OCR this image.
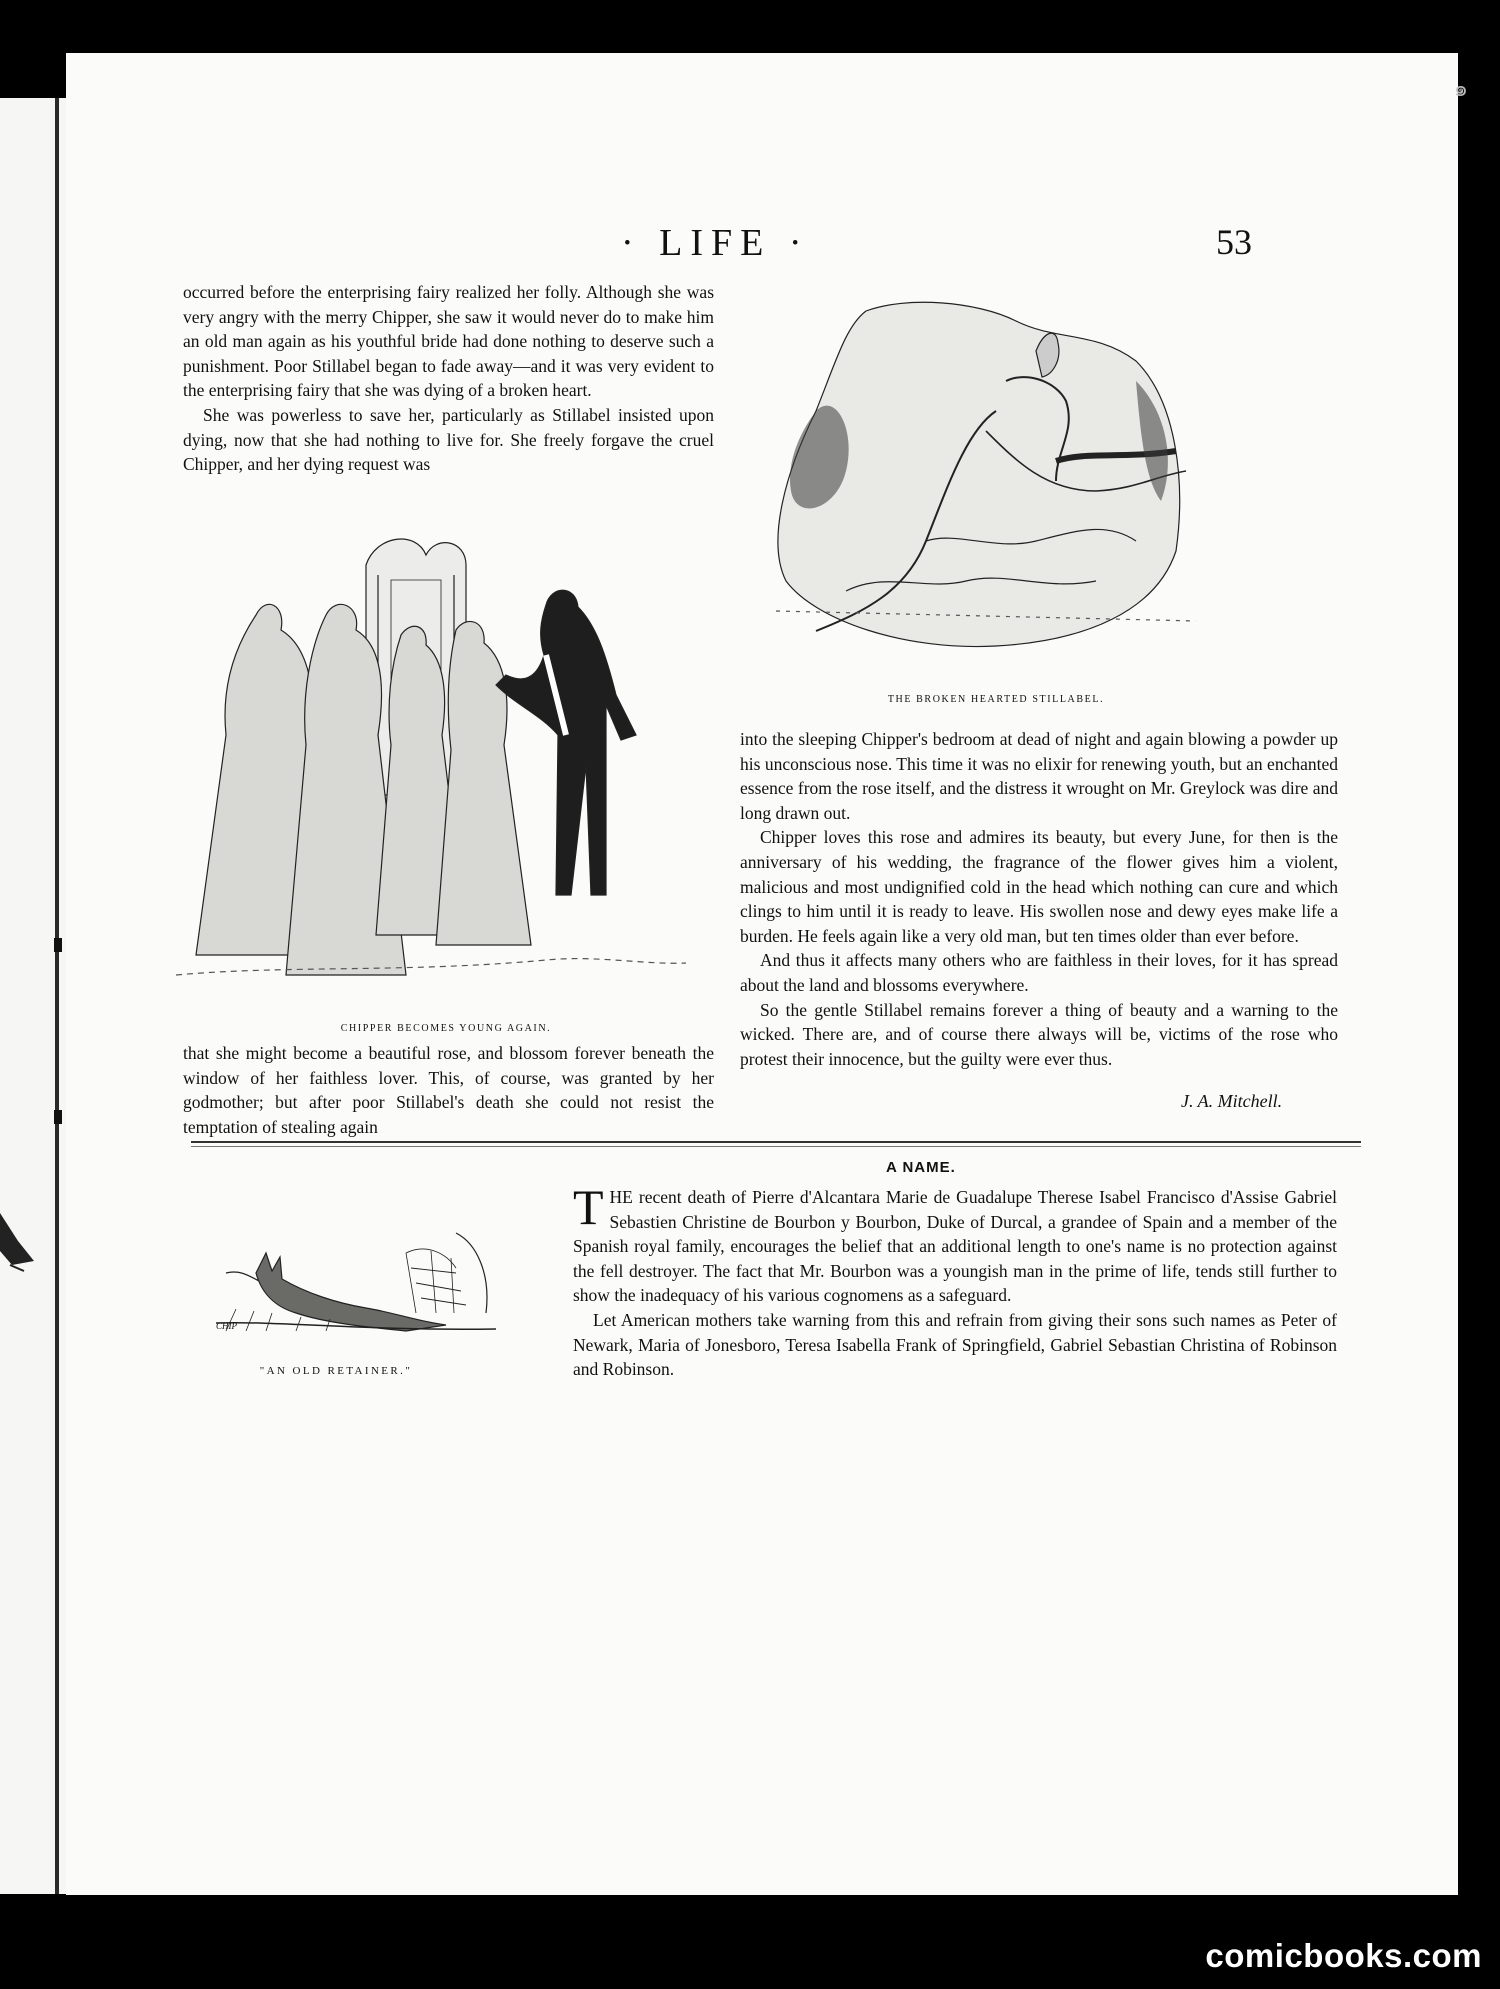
๑
· LIFE ·	53

occurred before the enterprising fairy realized her folly. Although she was very angry with the merry Chipper, she saw it would never do to make him an old man again as his youthful bride had done nothing to deserve such a punishment. Poor Stillabel began to fade away—and it was very evident to the enterprising fairy that she was dying of a broken heart.

She was powerless to save her, particularly as Stillabel insisted upon dying, now that she had nothing to live for. She freely forgave the cruel Chipper, and her dying request was

THE BROKEN HEARTED STILLABEL.
CHIPPER BECOMES YOUNG AGAIN.

that she might become a beautiful rose, and blossom forever beneath the window of her faithless lover. This, of course, was granted by her godmother; but after poor Stillabel's death she could not resist the temptation of stealing again

into the sleeping Chipper's bedroom at dead of night and again blowing a powder up his unconscious nose. This time it was no elixir for renewing youth, but an enchanted essence from the rose itself, and the distress it wrought on Mr. Greylock was dire and long drawn out.

Chipper loves this rose and admires its beauty, but every June, for then is the anniversary of his wedding, the fragrance of the flower gives him a violent, malicious and most undignified cold in the head which nothing can cure and which clings to him until it is ready to leave. His swollen nose and dewy eyes make life a burden. He feels again like a very old man, but ten times older than ever before.

And thus it affects many others who are faithless in their loves, for it has spread about the land and blossoms everywhere.

So the gentle Stillabel remains forever a thing of beauty and a warning to the wicked. There are, and of course there always will be, victims of the rose who protest their innocence, but the guilty were ever thus.

J. A. Mitchell.
A NAME.

THE recent death of Pierre d'Alcantara Marie de Guadalupe Therese Isabel Francisco d'Assise Gabriel Sebastien Christine de Bourbon y Bourbon, Duke of Durcal, a grandee of Spain and a member of the Spanish royal family, encourages the belief that an additional length to one's name is no protection against the fell destroyer. The fact that Mr. Bourbon was a youngish man in the prime of life, tends still further to show the inadequacy of his various cognomens as a safeguard.

Let American mothers take warning from this and refrain from giving their sons such names as Peter of Newark, Maria of Jonesboro, Teresa Isabella Frank of Springfield, Gabriel Sebastian Christina of Robinson and Robinson.

"AN OLD RETAINER."
CHIP
comicbooks.com
